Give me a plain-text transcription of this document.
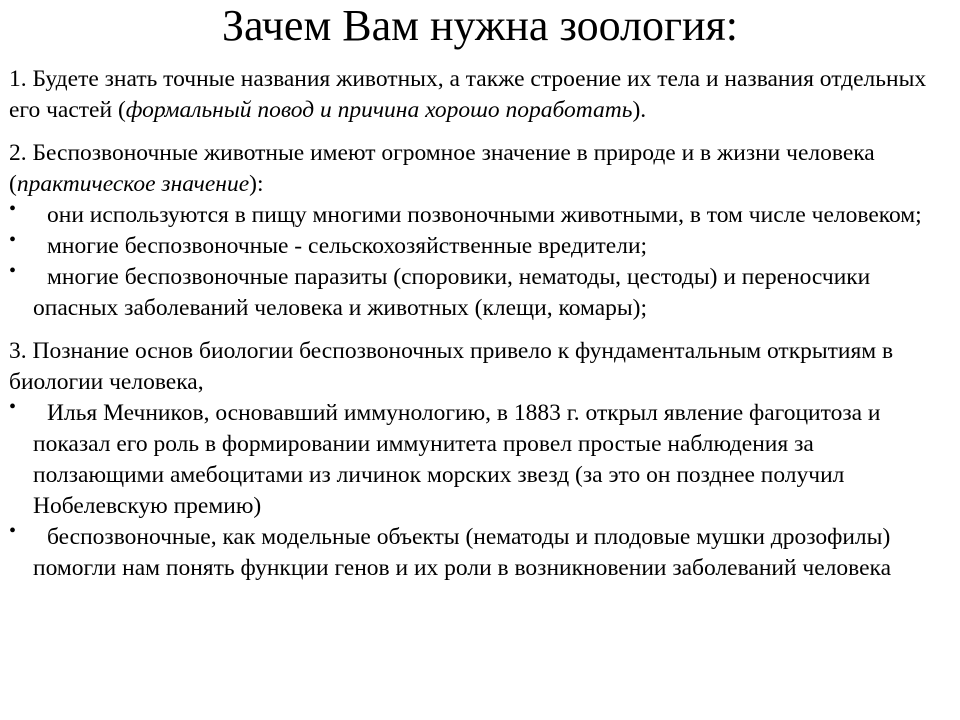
Зачем Вам нужна зоология:

1. Будете знать точные названия животных, а также строение их тела и названия отдельных его частей (формальный повод и причина хорошо поработать).

2. Беспозвоночные животные имеют огромное значение в природе и в жизни человека (практическое значение):

• они используются в пищу многими позвоночными животными, в том числе человеком;

• многие беспозвоночные - сельскохозяйственные вредители;

• многие беспозвоночные паразиты (споровики, нематоды, цестоды) и переносчики опасных заболеваний человека и животных (клещи, комары);

3. Познание основ биологии беспозвоночных привело к фундаментальным открытиям в биологии человека,

• Илья Мечников, основавший иммунологию, в 1883 г. открыл явление фагоцитоза и показал его роль в формировании иммунитета провел простые наблюдения за ползающими амебоцитами из личинок морских звезд (за это он позднее получил Нобелевскую премию)

• беспозвоночные, как модельные объекты (нематоды и плодовые мушки дрозофилы) помогли нам понять функции генов и их роли в возникновении заболеваний человека
